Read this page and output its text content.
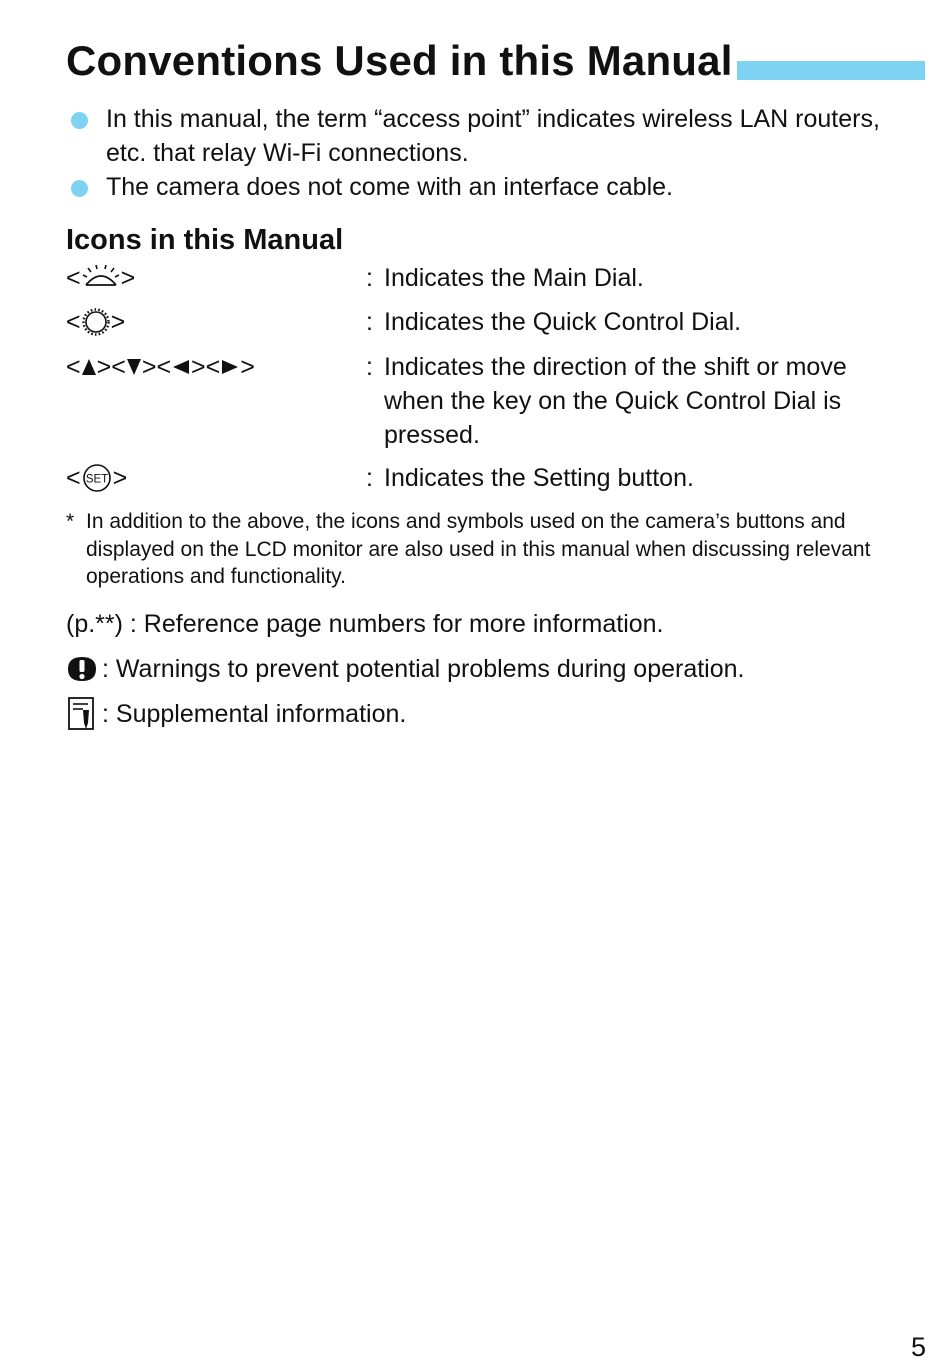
Conventions Used in this Manual
In this manual, the term “access point” indicates wireless LAN routers, etc. that relay Wi-Fi connections.
The camera does not come with an interface cable.
Icons in this Manual
< >	: Indicates the Main Dial.
< >	: Indicates the Quick Control Dial.
< > < > < > < >	: Indicates the direction of the shift or move when the key on the Quick Control Dial is pressed.
< SET >	: Indicates the Setting button.
* In addition to the above, the icons and symbols used on the camera’s buttons and displayed on the LCD monitor are also used in this manual when discussing relevant operations and functionality.
(p.**) : Reference page numbers for more information.
: Warnings to prevent potential problems during operation.
: Supplemental information.
5
